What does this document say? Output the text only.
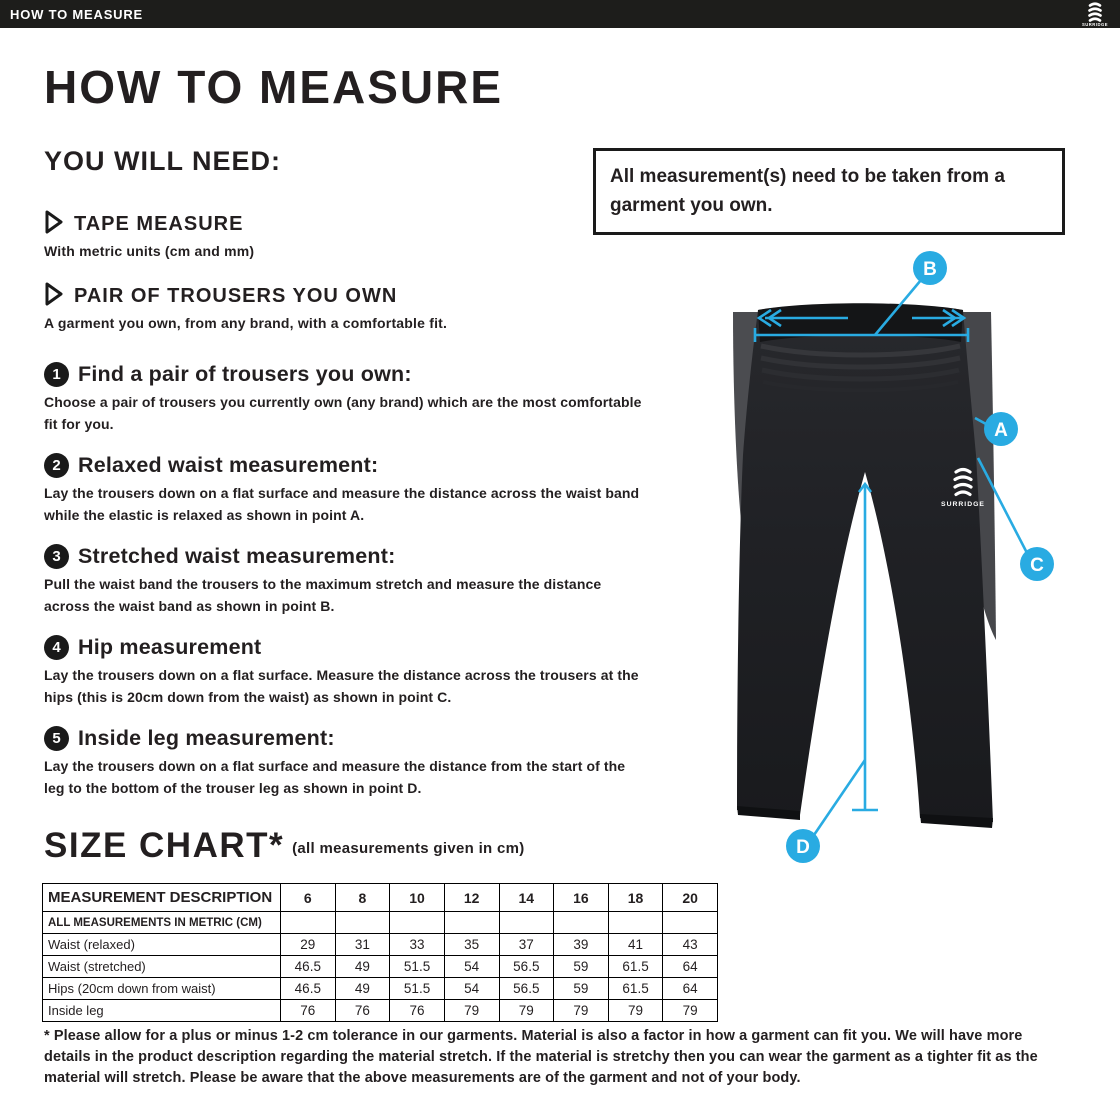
HOW TO MEASURE
SURRIDGE
HOW TO MEASURE
YOU WILL NEED:
TAPE MEASURE
With metric units (cm and mm)
PAIR OF TROUSERS YOU OWN
A garment you own, from any brand, with a comfortable fit.
All measurement(s) need to be taken from a garment you own.
1 Find a pair of trousers you own:
Choose a pair of trousers you currently own (any brand) which are the most comfortable fit for you.
2 Relaxed waist measurement:
Lay the trousers down on a flat surface and measure the distance across the waist band while the elastic is relaxed as shown in point A.
3 Stretched waist measurement:
Pull the waist band the trousers to the maximum stretch and measure the distance across the waist band as shown in point B.
4 Hip measurement
Lay the trousers down on a flat surface. Measure the distance across the trousers at the hips (this is 20cm down from the waist) as shown in point C.
5 Inside leg measurement:
Lay the trousers down on a flat surface and measure the distance from the start of the leg to the bottom of the trouser leg as shown in point D.
SURRIDGE
B
A
C
D
SIZE CHART* (all measurements given in cm)
MEASUREMENT DESCRIPTION	6	8	10	12	14	16	18	20
ALL MEASUREMENTS IN METRIC (CM)								
Waist (relaxed)	29	31	33	35	37	39	41	43
Waist (stretched)	46.5	49	51.5	54	56.5	59	61.5	64
Hips (20cm down from waist)	46.5	49	51.5	54	56.5	59	61.5	64
Inside leg	76	76	76	79	79	79	79	79
* Please allow for a plus or minus 1-2 cm tolerance in our garments. Material is also a factor in how a garment can fit you. We will have more details in the product description regarding the material stretch. If the material is stretchy then you can wear the garment as a tighter fit as the material will stretch. Please be aware that the above measurements are of the garment and not of your body.
